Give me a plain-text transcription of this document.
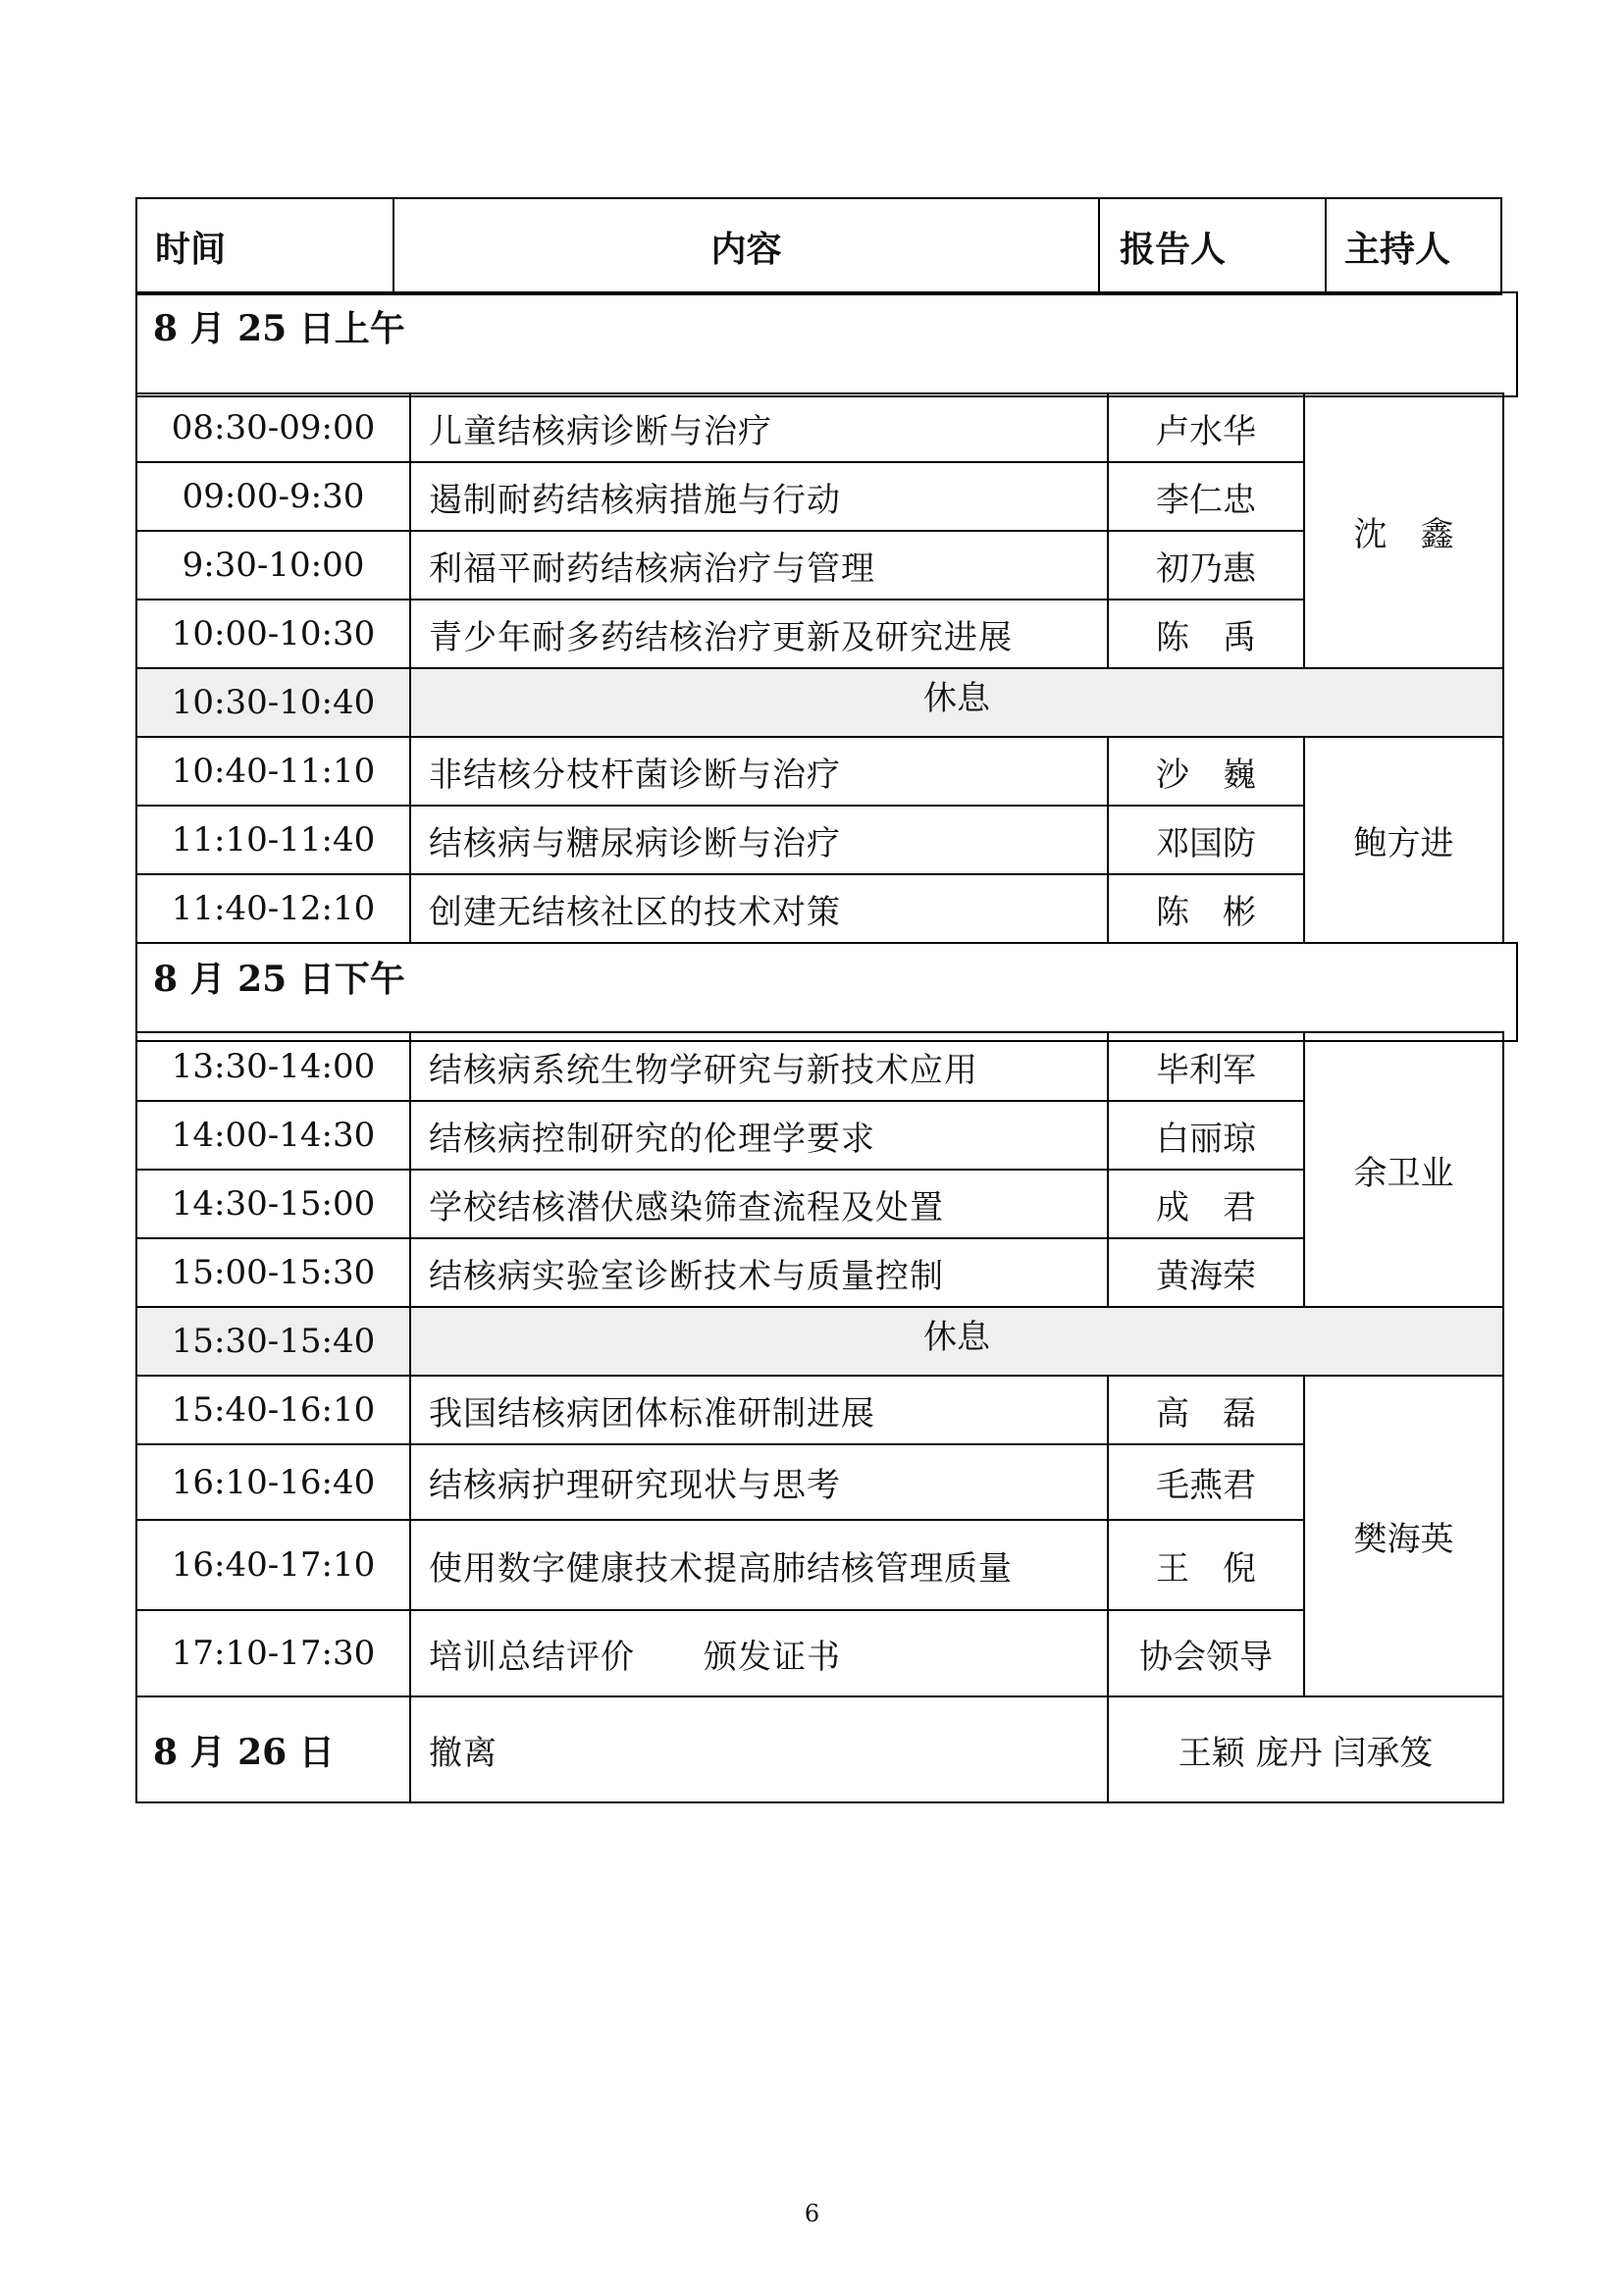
时间	内容	报告人	主持人
8 月 25 日上午
08:30-09:00	儿童结核病诊断与治疗	卢水华	沈　鑫
09:00-9:30	遏制耐药结核病措施与行动	李仁忠	
9:30-10:00	利福平耐药结核病治疗与管理	初乃惠	
10:00-10:30	青少年耐多药结核治疗更新及研究进展	陈　禹	
10:30-10:40	休息		
10:40-11:10	非结核分枝杆菌诊断与治疗	沙　巍	鲍方进
11:10-11:40	结核病与糖尿病诊断与治疗	邓国防	
11:40-12:10	创建无结核社区的技术对策	陈　彬	
8 月 25 日下午
13:30-14:00	结核病系统生物学研究与新技术应用	毕利军	余卫业
14:00-14:30	结核病控制研究的伦理学要求	白丽琼	
14:30-15:00	学校结核潜伏感染筛查流程及处置	成　君	
15:00-15:30	结核病实验室诊断技术与质量控制	黄海荣	
15:30-15:40	休息		
15:40-16:10	我国结核病团体标准研制进展	高　磊	樊海英
16:10-16:40	结核病护理研究现状与思考	毛燕君	
16:40-17:10	使用数字健康技术提高肺结核管理质量	王　倪	
17:10-17:30	培训总结评价　　颁发证书	协会领导	
8 月 26 日	撤离	王颖 庞丹 闫承笈	
6
